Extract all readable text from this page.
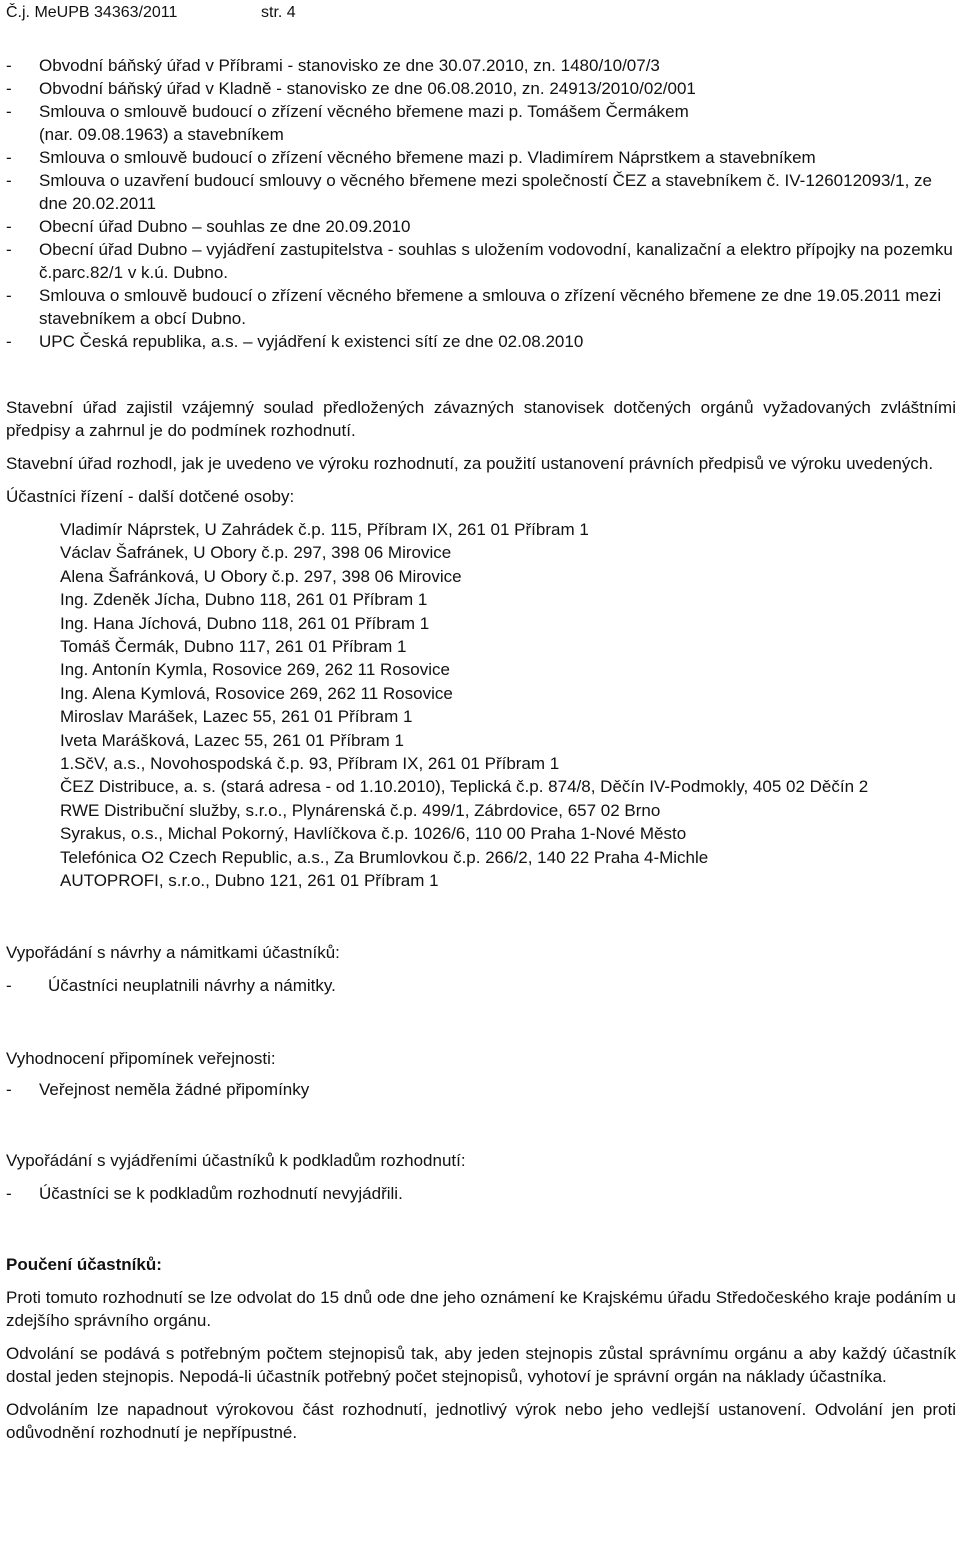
Č.j. MeUPB 34363/2011	str. 4
-	Obvodní báňský úřad v Příbrami - stanovisko ze dne 30.07.2010, zn. 1480/10/07/3
-	Obvodní báňský úřad v Kladně - stanovisko ze dne 06.08.2010, zn. 24913/2010/02/001
-	Smlouva o smlouvě budoucí o zřízení věcného břemene mazi p. Tomášem Čermákem (nar. 09.08.1963) a stavebníkem
-	Smlouva o smlouvě budoucí o zřízení věcného břemene mazi p. Vladimírem Náprstkem a stavebníkem
-	Smlouva o uzavření budoucí smlouvy o věcného břemene mezi společností ČEZ a stavebníkem č. IV-126012093/1, ze dne 20.02.2011
-	Obecní úřad Dubno – souhlas ze dne 20.09.2010
-	Obecní úřad Dubno – vyjádření zastupitelstva - souhlas s uložením vodovodní, kanalizační a elektro přípojky na pozemku č.parc.82/1 v k.ú. Dubno.
-	Smlouva o smlouvě budoucí o zřízení věcného břemene a smlouva o zřízení věcného břemene ze dne 19.05.2011 mezi stavebníkem a obcí Dubno.
-	UPC Česká republika, a.s. – vyjádření k existenci sítí ze dne 02.08.2010

Stavební úřad zajistil vzájemný soulad předložených závazných stanovisek dotčených orgánů vyžadovaných zvláštními předpisy a zahrnul je do podmínek rozhodnutí.

Stavební úřad rozhodl, jak je uvedeno ve výroku rozhodnutí, za použití ustanovení právních předpisů ve výroku uvedených.

Účastníci řízení - další dotčené osoby:

Vladimír Náprstek, U Zahrádek č.p. 115, Příbram IX, 261 01 Příbram 1
Václav Šafránek, U Obory č.p. 297, 398 06 Mirovice
Alena Šafránková, U Obory č.p. 297, 398 06 Mirovice
Ing. Zdeněk Jícha, Dubno 118, 261 01 Příbram 1
Ing. Hana Jíchová, Dubno 118, 261 01 Příbram 1
Tomáš Čermák, Dubno 117, 261 01 Příbram 1
Ing. Antonín Kymla, Rosovice 269, 262 11 Rosovice
Ing. Alena Kymlová, Rosovice 269, 262 11 Rosovice
Miroslav Marášek, Lazec 55, 261 01 Příbram 1
Iveta Marášková, Lazec 55, 261 01 Příbram 1
1.SčV, a.s., Novohospodská č.p. 93, Příbram IX, 261 01 Příbram 1
ČEZ Distribuce, a. s. (stará adresa - od 1.10.2010), Teplická č.p. 874/8, Děčín IV-Podmokly, 405 02 Děčín 2
RWE Distribuční služby, s.r.o., Plynárenská č.p. 499/1, Zábrdovice, 657 02 Brno
Syrakus, o.s., Michal Pokorný, Havlíčkova č.p. 1026/6, 110 00 Praha 1-Nové Město
Telefónica O2 Czech Republic, a.s., Za Brumlovkou č.p. 266/2, 140 22 Praha 4-Michle
AUTOPROFI, s.r.o., Dubno 121, 261 01 Příbram 1

Vypořádání s návrhy a námitkami účastníků:

-	Účastníci neuplatnili návrhy a námitky.

Vyhodnocení připomínek veřejnosti:

-	Veřejnost neměla žádné připomínky

Vypořádání s vyjádřeními účastníků k podkladům rozhodnutí:

-	Účastníci se k podkladům rozhodnutí nevyjádřili.

Poučení účastníků:

Proti tomuto rozhodnutí se lze odvolat do 15 dnů ode dne jeho oznámení ke Krajskému úřadu Středočeského kraje podáním u zdejšího správního orgánu.

Odvolání se podává s potřebným počtem stejnopisů tak, aby jeden stejnopis zůstal správnímu orgánu a aby každý účastník dostal jeden stejnopis. Nepodá-li účastník potřebný počet stejnopisů, vyhotoví je správní orgán na náklady účastníka.

Odvoláním lze napadnout výrokovou část rozhodnutí, jednotlivý výrok nebo jeho vedlejší ustanovení. Odvolání jen proti odůvodnění rozhodnutí je nepřípustné.
